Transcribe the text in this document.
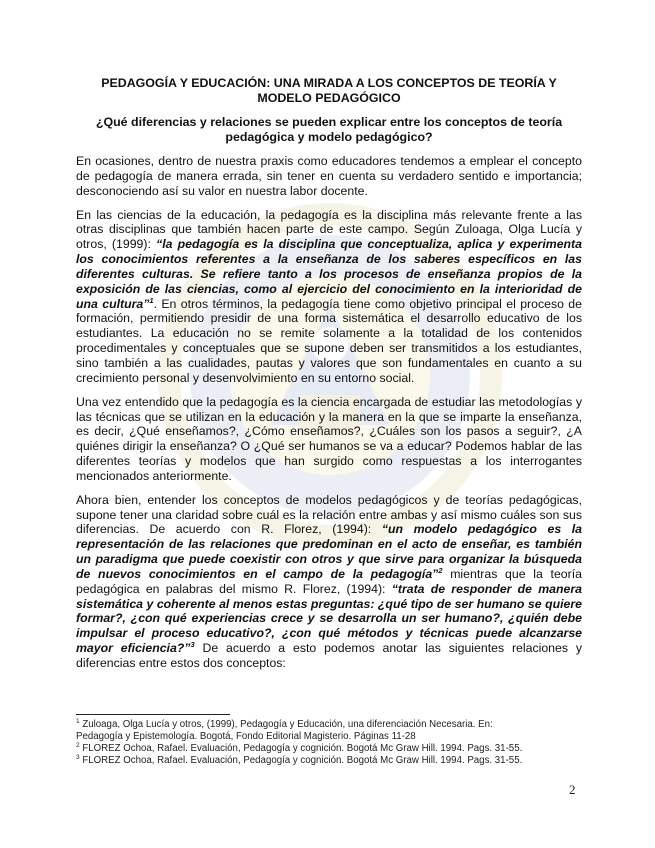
PEDAGOGÍA Y EDUCACIÓN: UNA MIRADA A LOS CONCEPTOS DE TEORÍA Y MODELO PEDAGÓGICO
¿Qué diferencias y relaciones se pueden explicar entre los conceptos de teoría pedagógica y modelo pedagógico?

En ocasiones, dentro de nuestra praxis como educadores tendemos a emplear el concepto de pedagogía de manera errada, sin tener en cuenta su verdadero sentido e importancia; desconociendo así su valor en nuestra labor docente.

En las ciencias de la educación, la pedagogía es la disciplina más relevante frente a las otras disciplinas que también hacen parte de este campo. Según Zuloaga, Olga Lucía y otros, (1999): “la pedagogía es la disciplina que conceptualiza, aplica y experimenta los conocimientos referentes a la enseñanza de los saberes específicos en las diferentes culturas. Se refiere tanto a los procesos de enseñanza propios de la exposición de las ciencias, como al ejercicio del conocimiento en la interioridad de una cultura”$^1$. En otros términos, la pedagogía tiene como objetivo principal el proceso de formación, permitiendo presidir de una forma sistemática el desarrollo educativo de los estudiantes. La educación no se remite solamente a la totalidad de los contenidos procedimentales y conceptuales que se supone deben ser transmitidos a los estudiantes, sino también a las cualidades, pautas y valores que son fundamentales en cuanto a su crecimiento personal y desenvolvimiento en su entorno social.

Una vez entendido que la pedagogía es la ciencia encargada de estudiar las metodologías y las técnicas que se utilizan en la educación y la manera en la que se imparte la enseñanza, es decir, ¿Qué enseñamos?, ¿Cómo enseñamos?, ¿Cuáles son los pasos a seguir?, ¿A quiénes dirigir la enseñanza? O ¿Qué ser humanos se va a educar? Podemos hablar de las diferentes teorías y modelos que han surgido como respuestas a los interrogantes mencionados anteriormente.

Ahora bien, entender los conceptos de modelos pedagógicos y de teorías pedagógicas, supone tener una claridad sobre cuál es la relación entre ambas y así mismo cuáles son sus diferencias. De acuerdo con R. Florez, (1994): “un modelo pedagógico es la representación de las relaciones que predominan en el acto de enseñar, es también un paradigma que puede coexistir con otros y que sirve para organizar la búsqueda de nuevos conocimientos en el campo de la pedagogía”$^2$ mientras que la teoría pedagógica en palabras del mismo R. Florez, (1994): “trata de responder de manera sistemática y coherente al menos estas preguntas: ¿qué tipo de ser humano se quiere formar?, ¿con qué experiencias crece y se desarrolla un ser humano?, ¿quién debe impulsar el proceso educativo?, ¿con qué métodos y técnicas puede alcanzarse mayor eficiencia?”$^3$ De acuerdo a esto podemos anotar las siguientes relaciones y diferencias entre estos dos conceptos:

$^1$ Zuloaga, Olga Lucía y otros, (1999), Pedagogía y Educación, una diferenciación Necesaria. En:
Pedagogía y Epistemología. Bogotá, Fondo Editorial Magisterio. Páginas 11-28
$^2$ FLOREZ Ochoa, Rafael. Evaluación, Pedagogía y cognición. Bogotá Mc Graw Hill. 1994. Pags. 31-55.
$^3$ FLOREZ Ochoa, Rafael. Evaluación, Pedagogía y cognición. Bogotá Mc Graw Hill. 1994. Pags. 31-55.
2
